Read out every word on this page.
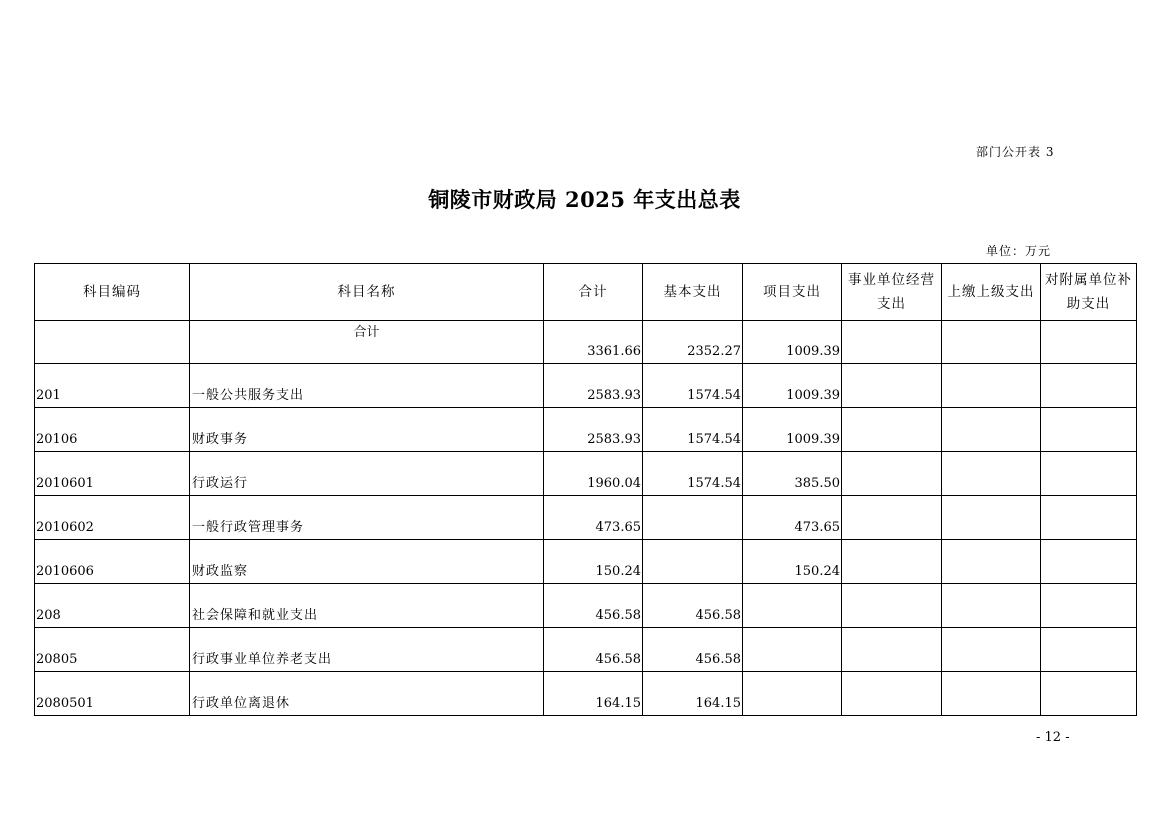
部门公开表 3
铜陵市财政局 2025 年支出总表
单位：万元
科目编码	科目名称	合计	基本支出	项目支出	事业单位经营支出	上缴上级支出	对附属单位补助支出
	合计	3361.66	2352.27	1009.39			
201	一般公共服务支出	2583.93	1574.54	1009.39			
20106	财政事务	2583.93	1574.54	1009.39			
2010601	行政运行	1960.04	1574.54	385.50			
2010602	一般行政管理事务	473.65		473.65			
2010606	财政监察	150.24		150.24			
208	社会保障和就业支出	456.58	456.58				
20805	行政事业单位养老支出	456.58	456.58				
2080501	行政单位离退休	164.15	164.15				
- 12 -
